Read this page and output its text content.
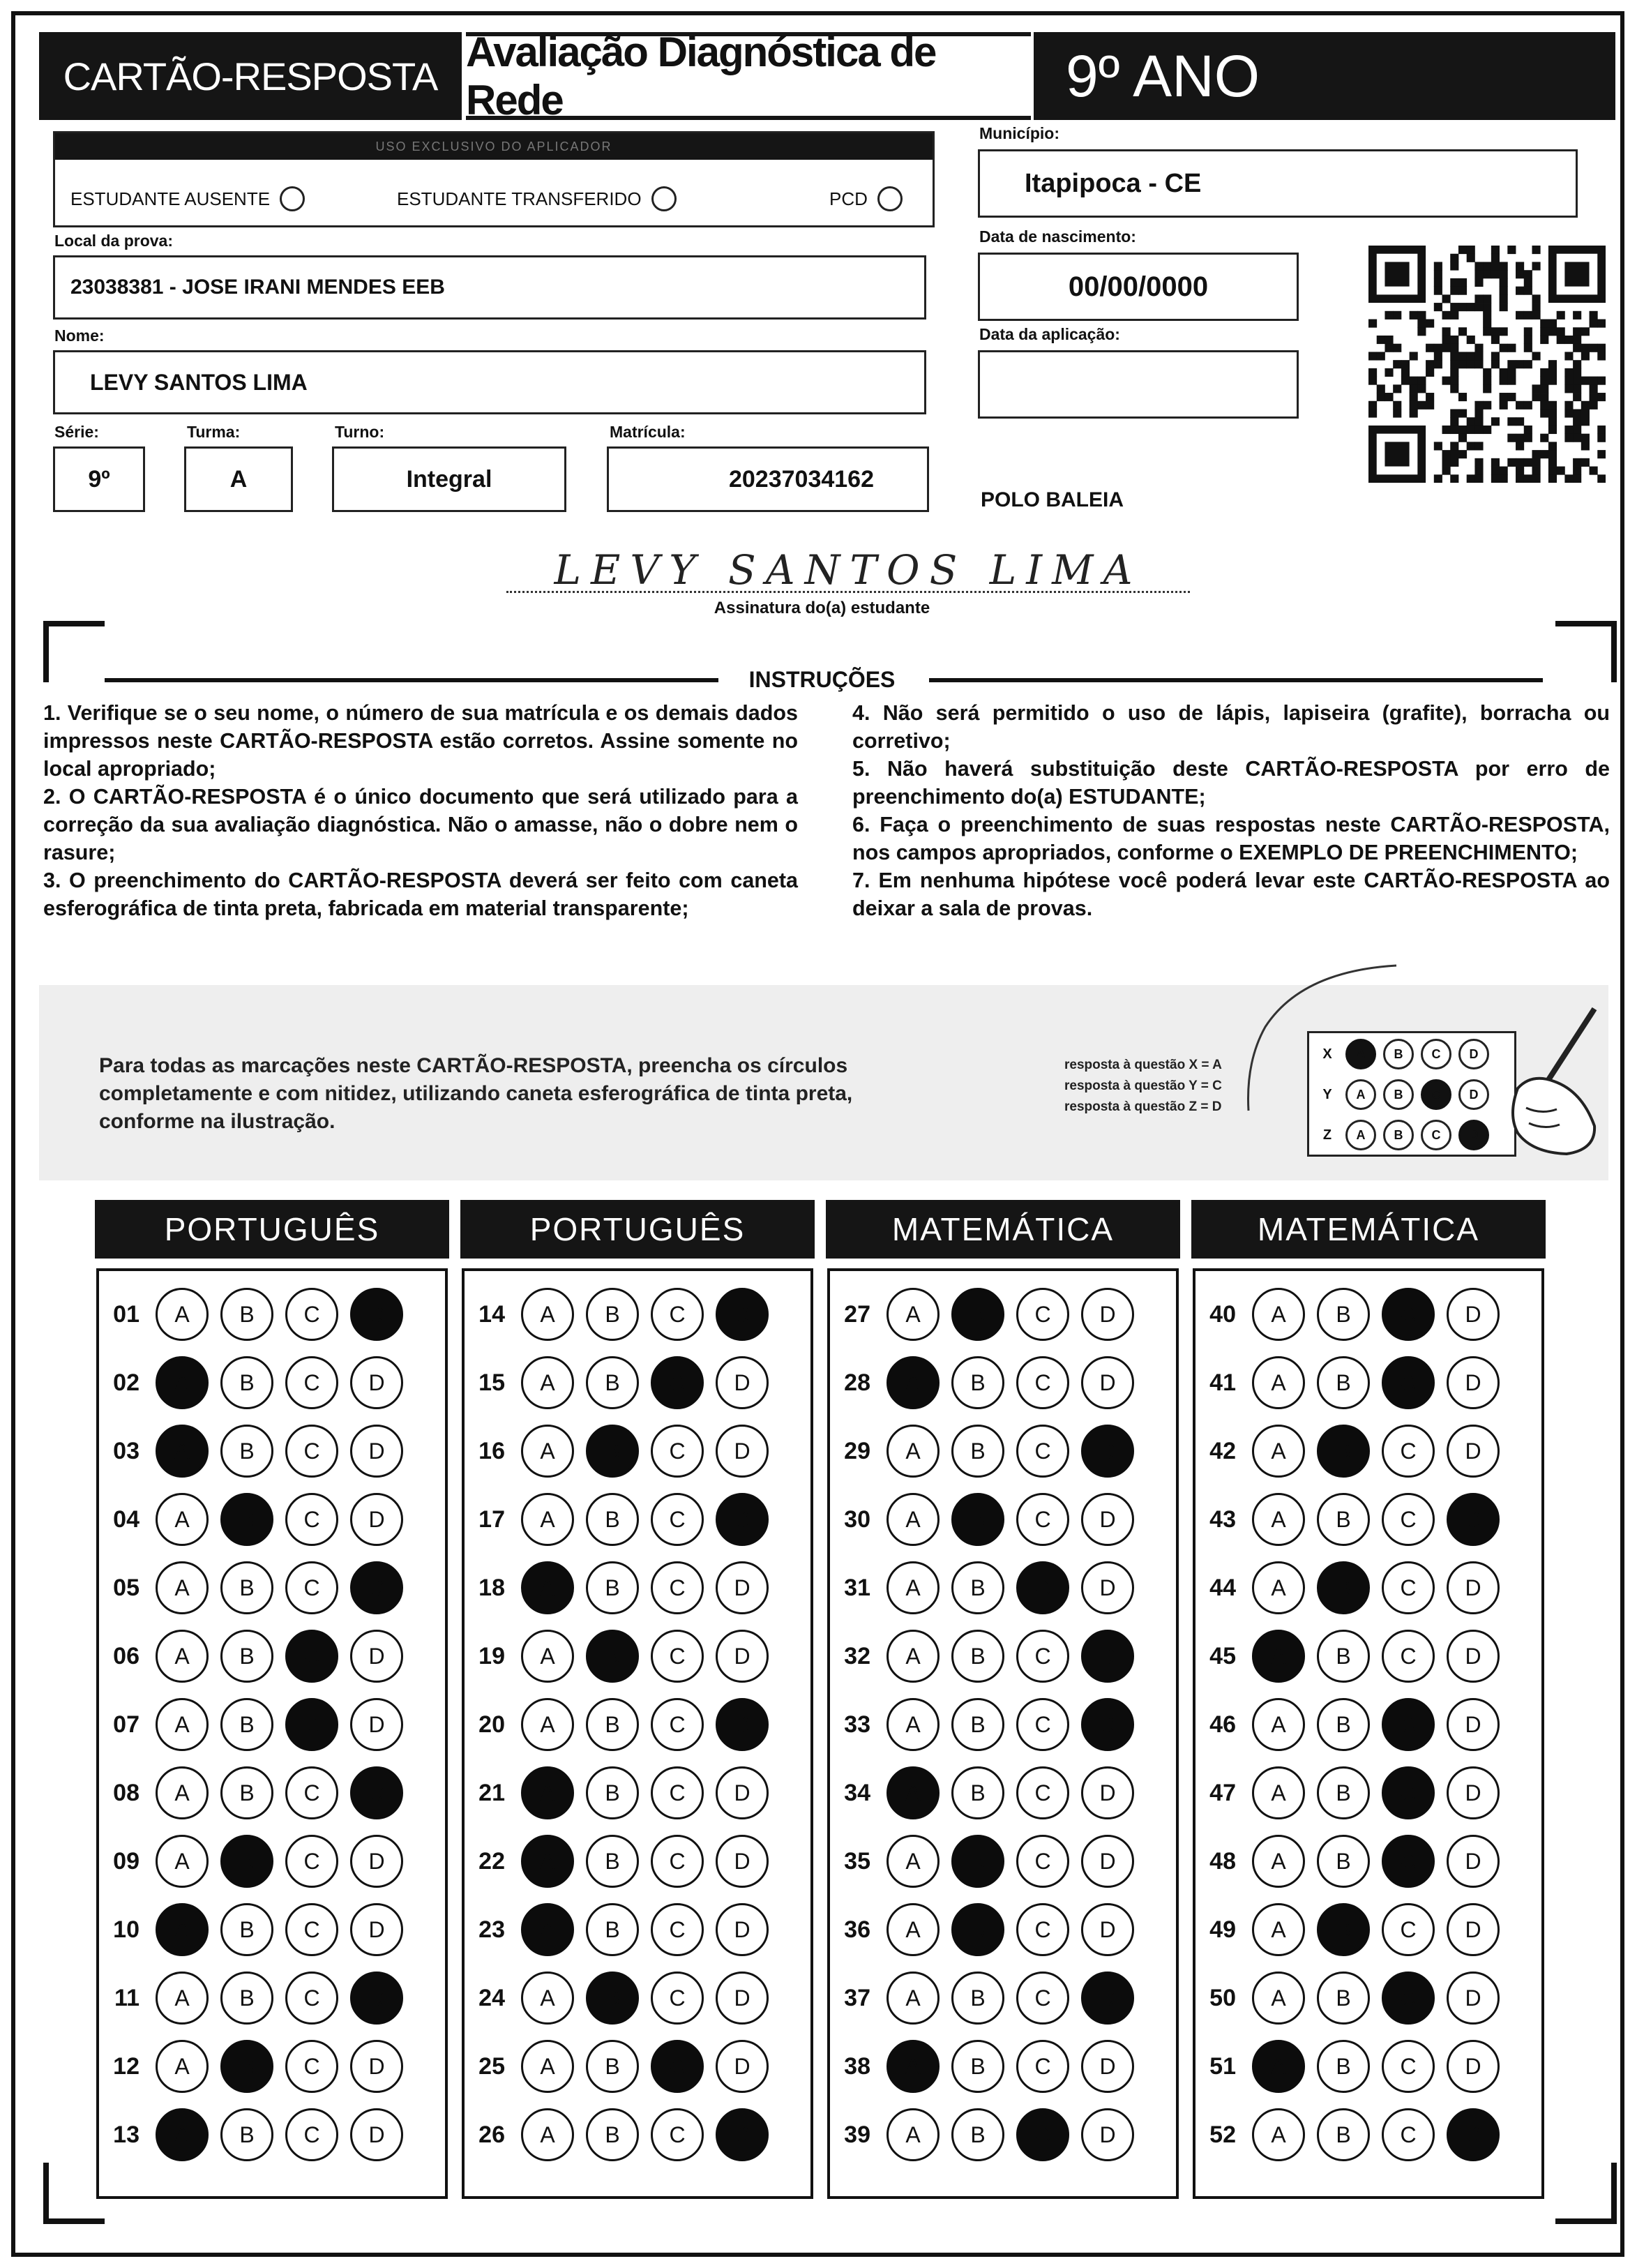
CARTÃO-RESPOSTA
Avaliação Diagnóstica de Rede	9º ANO
USO EXCLUSIVO DO APLICADOR
ESTUDANTE AUSENTE	ESTUDANTE TRANSFERIDO	PCD
Local da prova:
23038381 - JOSE IRANI MENDES EEB
Nome:
LEVY SANTOS LIMA
Série:
9º
Turma:
A
Turno:
Integral
Matrícula:
20237034162
Município:
Itapipoca - CE
Data de nascimento:
00/00/0000
Data da aplicação:
POLO BALEIA
LEVY SANTOS LIMA
Assinatura do(a) estudante
INSTRUÇÕES
1. Verifique se o seu nome, o número de sua matrícula e os demais dados impressos neste CARTÃO-RESPOSTA estão corretos. Assine somente no local apropriado;
2. O CARTÃO-RESPOSTA é o único documento que será utilizado para a correção da sua avaliação diagnóstica. Não o amasse, não o dobre nem o rasure;
3. O preenchimento do CARTÃO-RESPOSTA deverá ser feito com caneta esferográfica de tinta preta, fabricada em material transparente;
4. Não será permitido o uso de lápis, lapiseira (grafite), borracha ou corretivo;
5. Não haverá substituição deste CARTÃO-RESPOSTA por erro de preenchimento do(a) ESTUDANTE;
6. Faça o preenchimento de suas respostas neste CARTÃO-RESPOSTA, nos campos apropriados, conforme o EXEMPLO DE PREENCHIMENTO;
7. Em nenhuma hipótese você poderá levar este CARTÃO-RESPOSTA ao deixar a sala de provas.
Para todas as marcações neste CARTÃO-RESPOSTA, preencha os círculos completamente e com nitidez, utilizando caneta esferográfica de tinta preta, conforme na ilustração.
resposta à questão X = A
resposta à questão Y = C
resposta à questão Z = D
X	A	B	C	D
Y	A	B	C	D
Z	A	B	C	D
PORTUGUÊS
01	A	B	C	D
02	A	B	C	D
03	A	B	C	D
04	A	B	C	D
05	A	B	C	D
06	A	B	C	D
07	A	B	C	D
08	A	B	C	D
09	A	B	C	D
10	A	B	C	D
11	A	B	C	D
12	A	B	C	D
13	A	B	C	D
PORTUGUÊS
14	A	B	C	D
15	A	B	C	D
16	A	B	C	D
17	A	B	C	D
18	A	B	C	D
19	A	B	C	D
20	A	B	C	D
21	A	B	C	D
22	A	B	C	D
23	A	B	C	D
24	A	B	C	D
25	A	B	C	D
26	A	B	C	D
MATEMÁTICA
27	A	B	C	D
28	A	B	C	D
29	A	B	C	D
30	A	B	C	D
31	A	B	C	D
32	A	B	C	D
33	A	B	C	D
34	A	B	C	D
35	A	B	C	D
36	A	B	C	D
37	A	B	C	D
38	A	B	C	D
39	A	B	C	D
MATEMÁTICA
40	A	B	C	D
41	A	B	C	D
42	A	B	C	D
43	A	B	C	D
44	A	B	C	D
45	A	B	C	D
46	A	B	C	D
47	A	B	C	D
48	A	B	C	D
49	A	B	C	D
50	A	B	C	D
51	A	B	C	D
52	A	B	C	D
